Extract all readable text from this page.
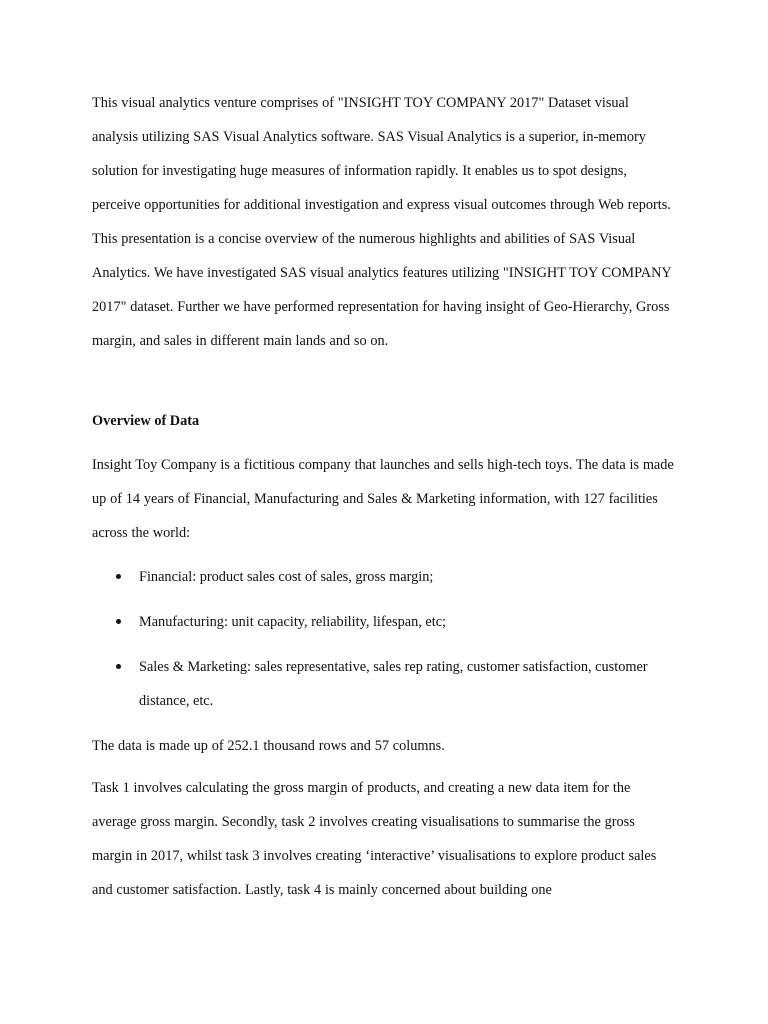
This visual analytics venture comprises of "INSIGHT TOY COMPANY 2017" Dataset visual analysis utilizing SAS Visual Analytics software. SAS Visual Analytics is a superior, in-memory solution for investigating huge measures of information rapidly. It enables us to spot designs, perceive opportunities for additional investigation and express visual outcomes through Web reports. This presentation is a concise overview of the numerous highlights and abilities of SAS Visual Analytics. We have investigated SAS visual analytics features utilizing "INSIGHT TOY COMPANY 2017" dataset. Further we have performed representation for having insight of Geo-Hierarchy, Gross margin, and sales in different main lands and so on.

Overview of Data

Insight Toy Company is a fictitious company that launches and sells high-tech toys. The data is made up of 14 years of Financial, Manufacturing and Sales & Marketing information, with 127 facilities across the world:

Financial: product sales cost of sales, gross margin;
Manufacturing: unit capacity, reliability, lifespan, etc;
Sales & Marketing: sales representative, sales rep rating, customer satisfaction, customer distance, etc.

The data is made up of 252.1 thousand rows and 57 columns.

Task 1 involves calculating the gross margin of products, and creating a new data item for the average gross margin. Secondly, task 2 involves creating visualisations to summarise the gross margin in 2017, whilst task 3 involves creating ‘interactive’ visualisations to explore product sales and customer satisfaction. Lastly, task 4 is mainly concerned about building one
